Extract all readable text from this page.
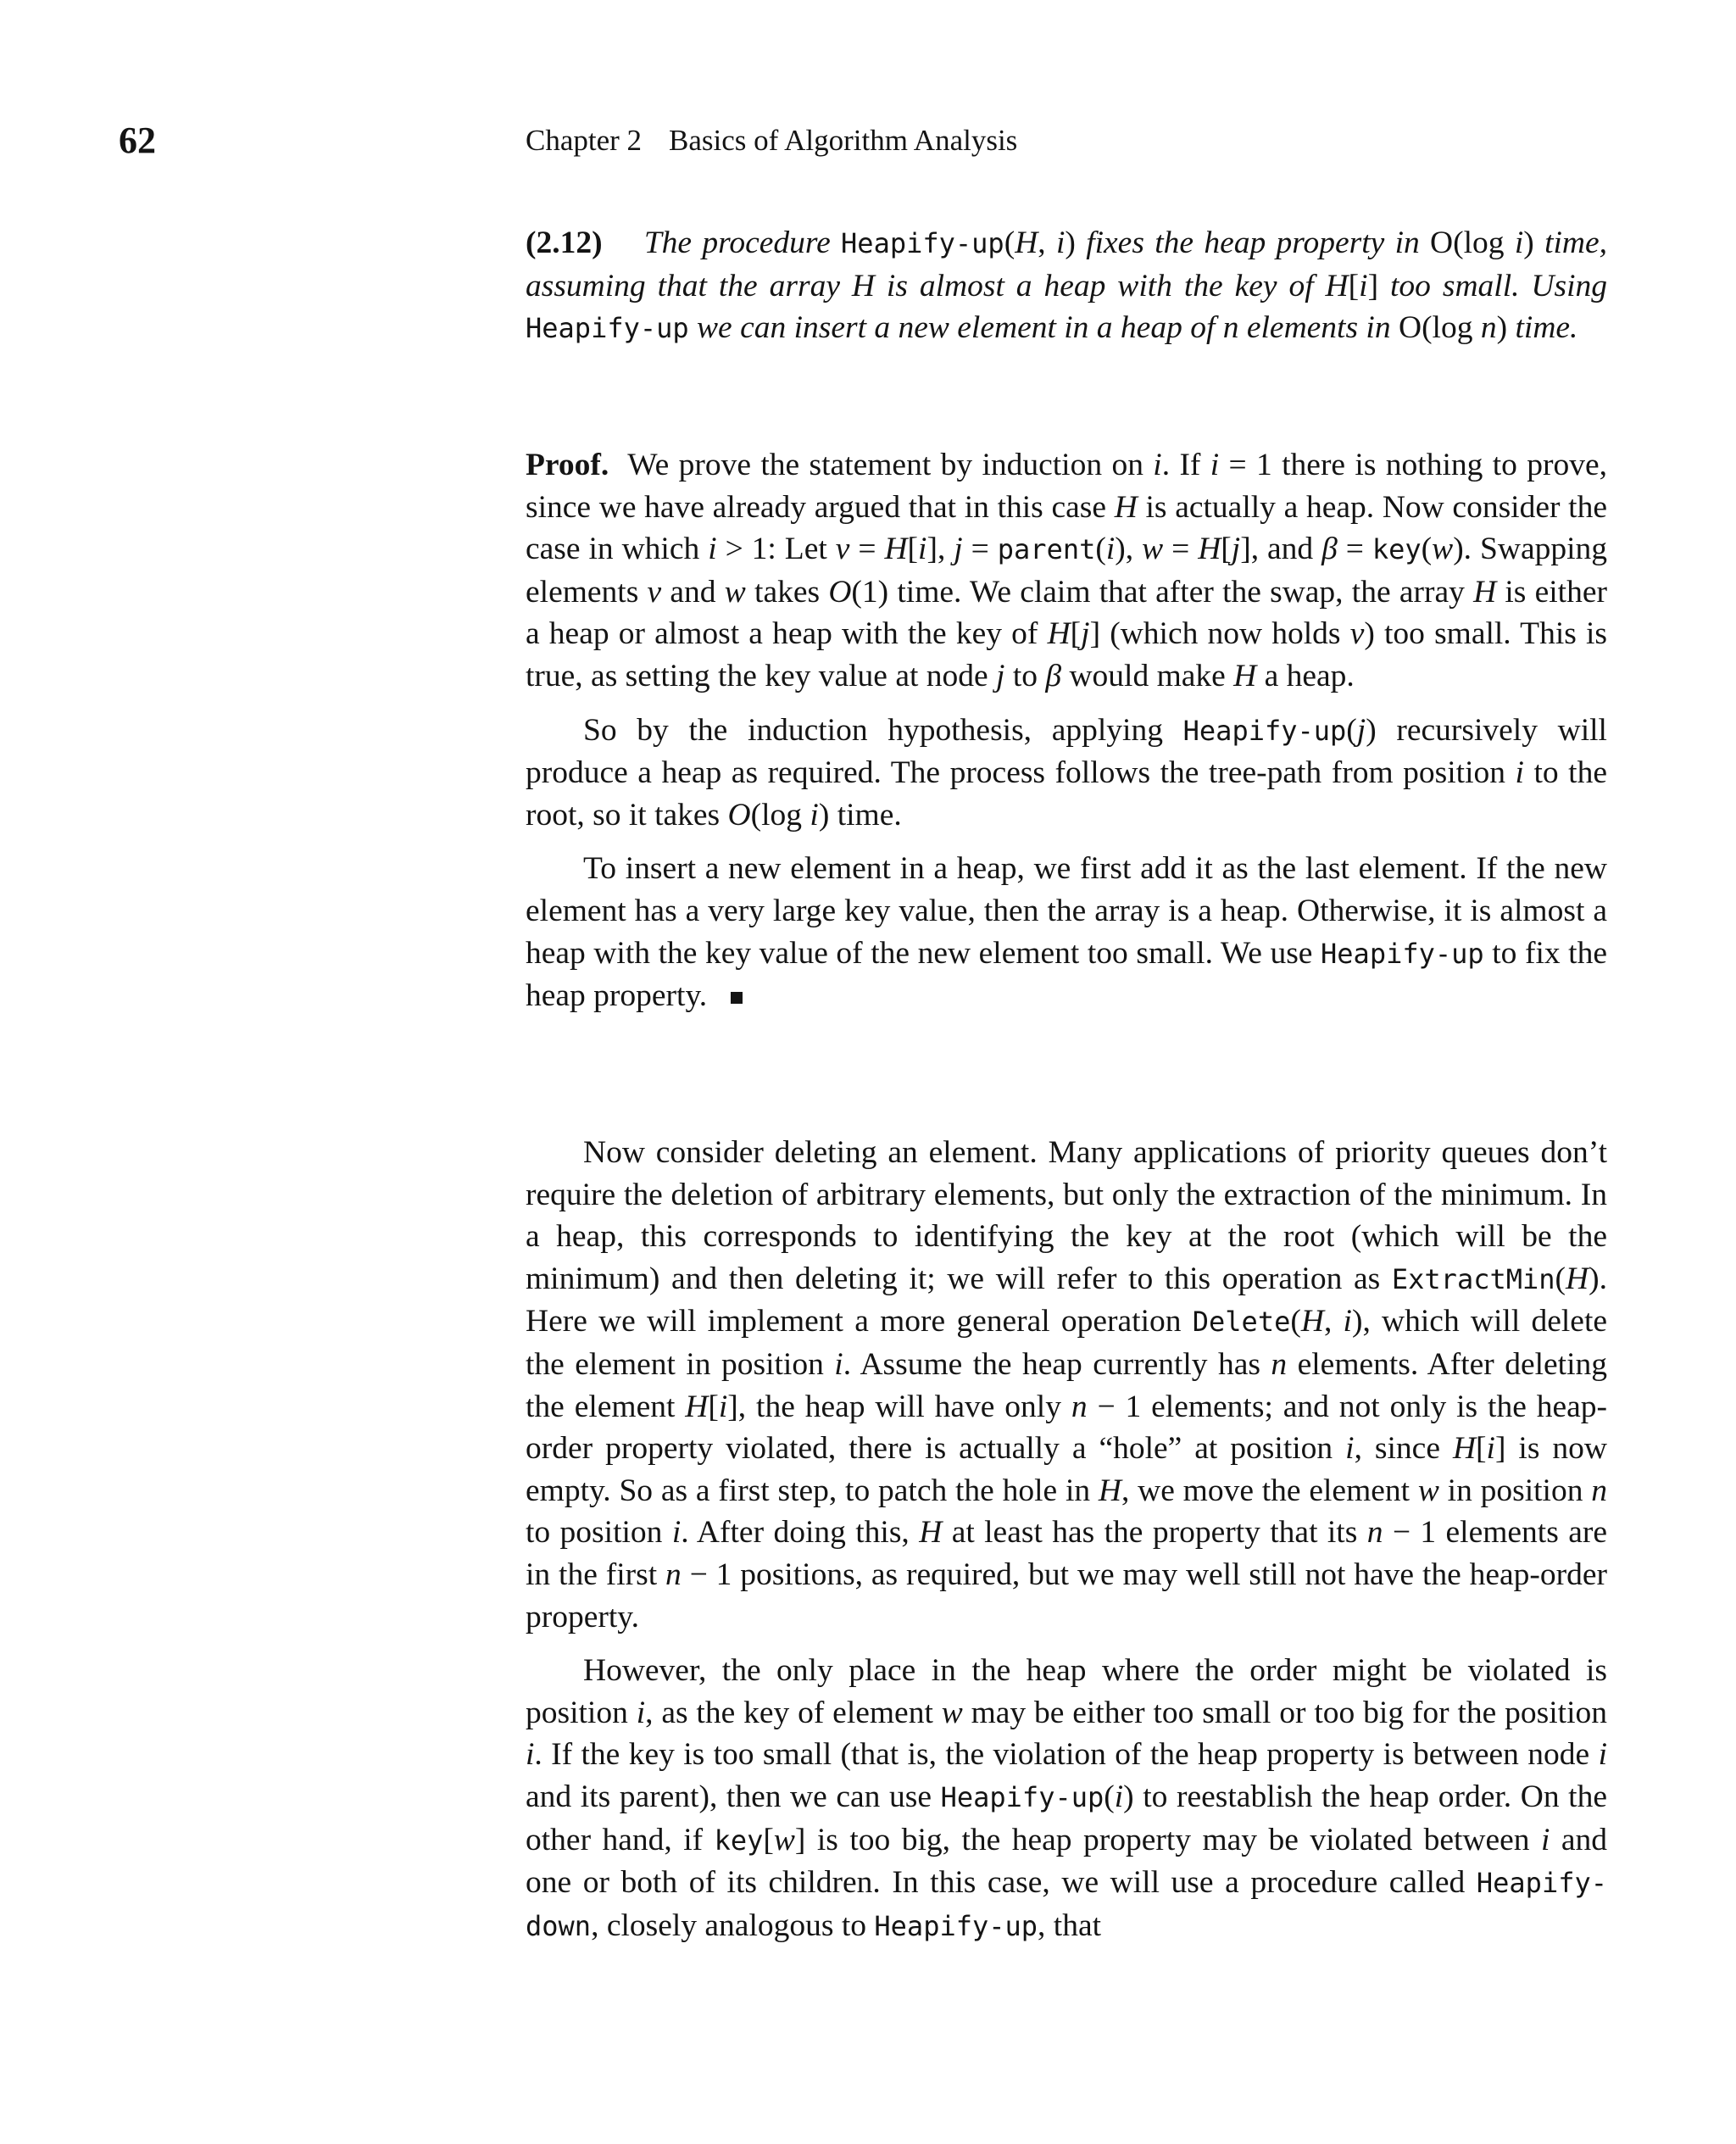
62	Chapter 2 Basics of Algorithm Analysis

(2.12) The procedure Heapify-up(H, i) fixes the heap property in O(log i) time, assuming that the array H is almost a heap with the key of H[i] too small. Using Heapify-up we can insert a new element in a heap of n elements in O(log n) time.

Proof.  We prove the statement by induction on i. If i = 1 there is nothing to prove, since we have already argued that in this case H is actually a heap. Now consider the case in which i > 1: Let v = H[i], j = parent(i), w = H[j], and β = key(w). Swapping elements v and w takes O(1) time. We claim that after the swap, the array H is either a heap or almost a heap with the key of H[j] (which now holds v) too small. This is true, as setting the key value at node j to β would make H a heap.

So by the induction hypothesis, applying Heapify-up(j) recursively will produce a heap as required. The process follows the tree-path from position i to the root, so it takes O(log i) time.

To insert a new element in a heap, we first add it as the last element. If the new element has a very large key value, then the array is a heap. Otherwise, it is almost a heap with the key value of the new element too small. We use Heapify-up to fix the heap property.

Now consider deleting an element. Many applications of priority queues don’t require the deletion of arbitrary elements, but only the extraction of the minimum. In a heap, this corresponds to identifying the key at the root (which will be the minimum) and then deleting it; we will refer to this operation as ExtractMin(H). Here we will implement a more general operation Delete(H, i), which will delete the element in position i. Assume the heap currently has n elements. After deleting the element H[i], the heap will have only n − 1 elements; and not only is the heap-order property violated, there is actually a “hole” at position i, since H[i] is now empty. So as a first step, to patch the hole in H, we move the element w in position n to position i. After doing this, H at least has the property that its n − 1 elements are in the first n − 1 positions, as required, but we may well still not have the heap-order property.

However, the only place in the heap where the order might be violated is position i, as the key of element w may be either too small or too big for the position i. If the key is too small (that is, the violation of the heap property is between node i and its parent), then we can use Heapify-up(i) to reestablish the heap order. On the other hand, if key[w] is too big, the heap property may be violated between i and one or both of its children. In this case, we will use a procedure called Heapify-down, closely analogous to Heapify-up, that
